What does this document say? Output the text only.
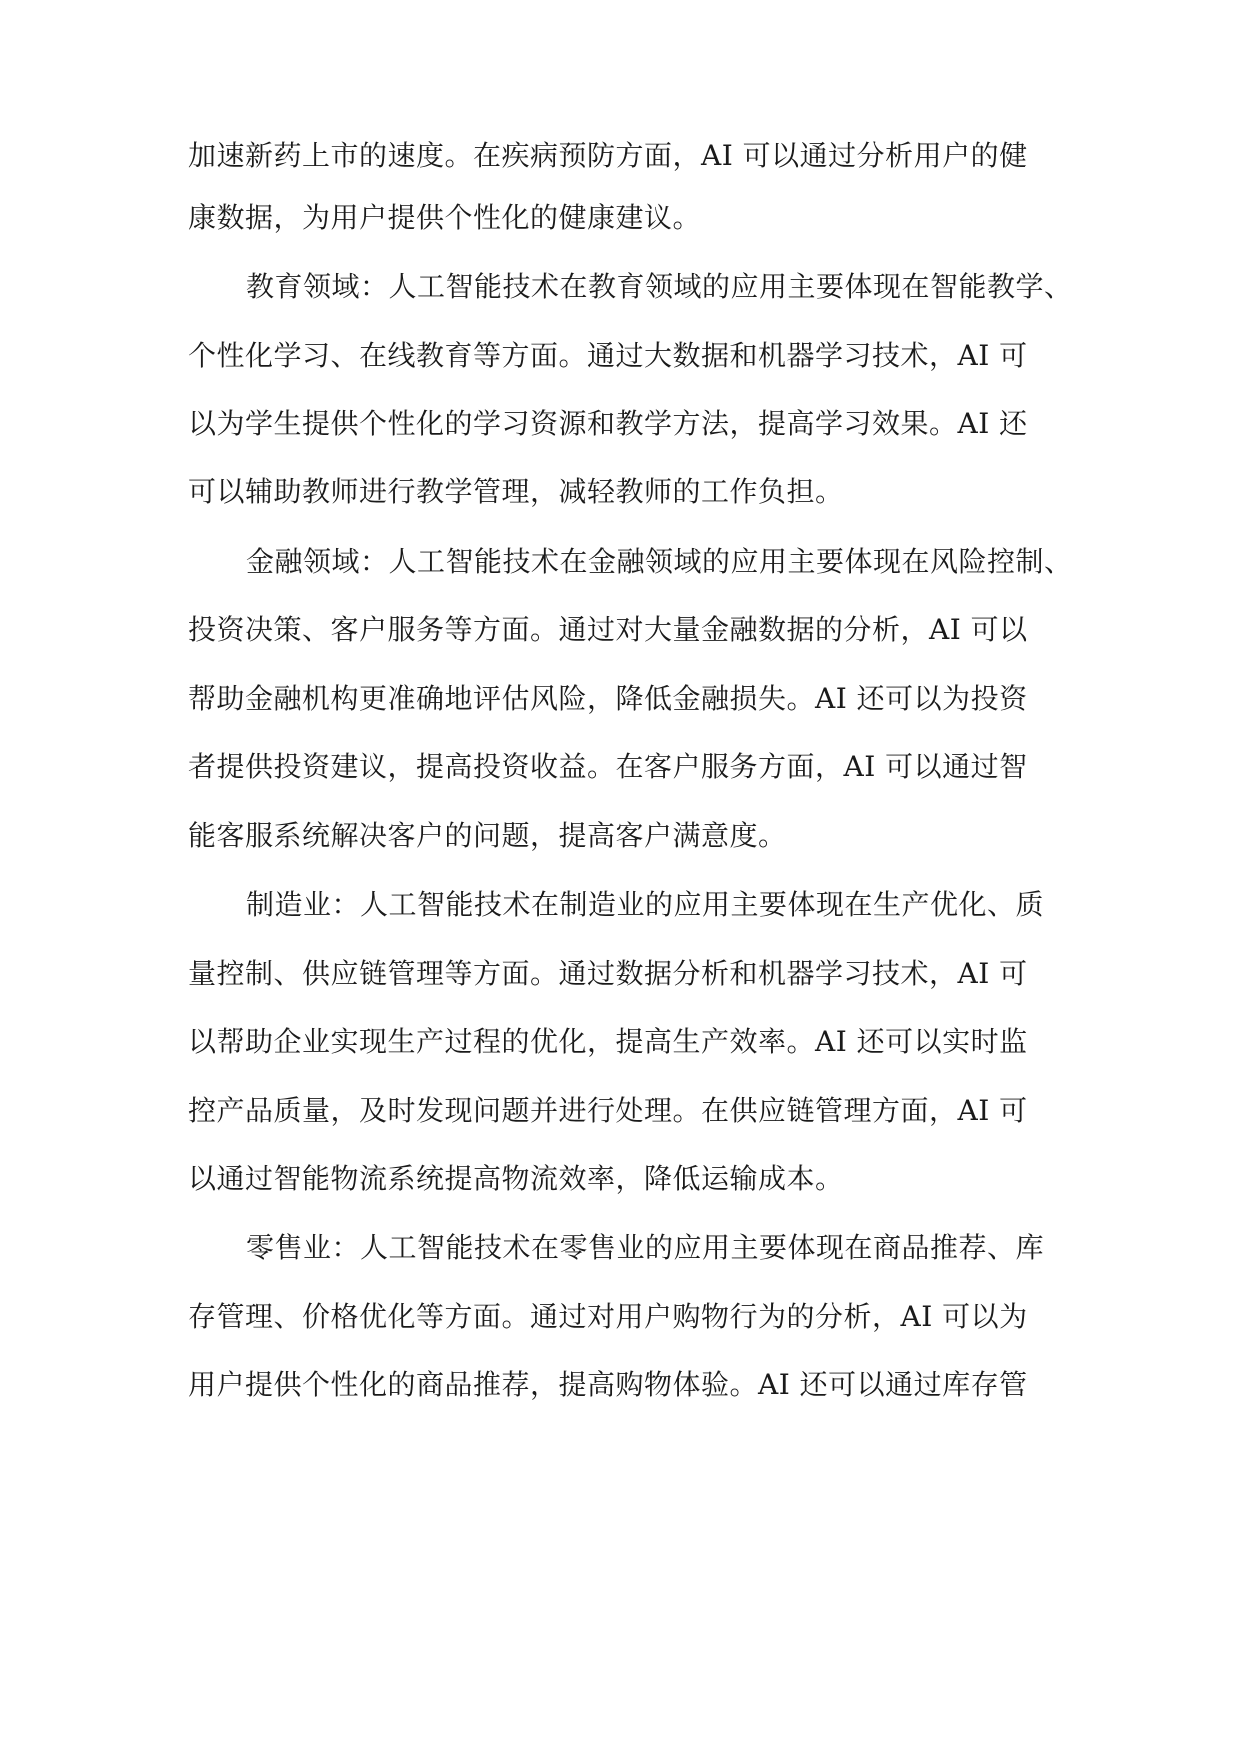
加速新药上市的速度。在疾病预防方面，AI 可以通过分析用户的健
康数据，为用户提供个性化的健康建议。
教育领域：人工智能技术在教育领域的应用主要体现在智能教学、
个性化学习、在线教育等方面。通过大数据和机器学习技术，AI 可
以为学生提供个性化的学习资源和教学方法，提高学习效果。AI 还
可以辅助教师进行教学管理，减轻教师的工作负担。
金融领域：人工智能技术在金融领域的应用主要体现在风险控制、
投资决策、客户服务等方面。通过对大量金融数据的分析，AI 可以
帮助金融机构更准确地评估风险，降低金融损失。AI 还可以为投资
者提供投资建议，提高投资收益。在客户服务方面，AI 可以通过智
能客服系统解决客户的问题，提高客户满意度。
制造业：人工智能技术在制造业的应用主要体现在生产优化、质
量控制、供应链管理等方面。通过数据分析和机器学习技术，AI 可
以帮助企业实现生产过程的优化，提高生产效率。AI 还可以实时监
控产品质量，及时发现问题并进行处理。在供应链管理方面，AI 可
以通过智能物流系统提高物流效率，降低运输成本。
零售业：人工智能技术在零售业的应用主要体现在商品推荐、库
存管理、价格优化等方面。通过对用户购物行为的分析，AI 可以为
用户提供个性化的商品推荐，提高购物体验。AI 还可以通过库存管
